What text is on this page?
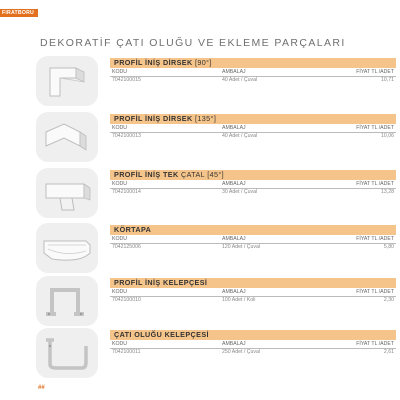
FIRATBORU
DEKORATİF ÇATI OLUĞU VE EKLEME PARÇALARI
PROFİL İNİŞ DİRSEK [90°]
KODU	AMBALAJ	FİYAT TL /ADET
7042100015	40 Adet / Çuval	10,71
PROFİL İNİŞ DİRSEK [135°]
KODU	AMBALAJ	FİYAT TL /ADET
7042100013	40 Adet / Çuval	10,06
PROFİL İNİŞ TEK ÇATAL [45°]
KODU	AMBALAJ	FİYAT TL /ADET
7042100014	30 Adet / Çuval	13,28
KÖRTAPA
KODU	AMBALAJ	FİYAT TL /ADET
7042125006	120 Adet / Çuval	5,80
PROFİL İNİŞ KELEPÇESİ
KODU	AMBALAJ	FİYAT TL /ADET
7042100010	100 Adet / Koli	2,30
ÇATI OLUĞU KELEPÇESİ
KODU	AMBALAJ	FİYAT TL /ADET
7042100011	250 Adet / Çuval	2,61
##
